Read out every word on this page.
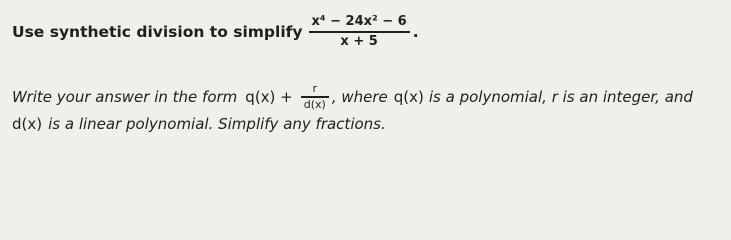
Use synthetic division to simplify $\frac{\text{x⁴ − 24x² − 6}}{x + 5}$ .
Write your answer in the form $q(x) + \frac{r}{d(x)}$ , where q(x) is a polynomial, r is an integer, and
d(x) is a linear polynomial. Simplify any fractions.
